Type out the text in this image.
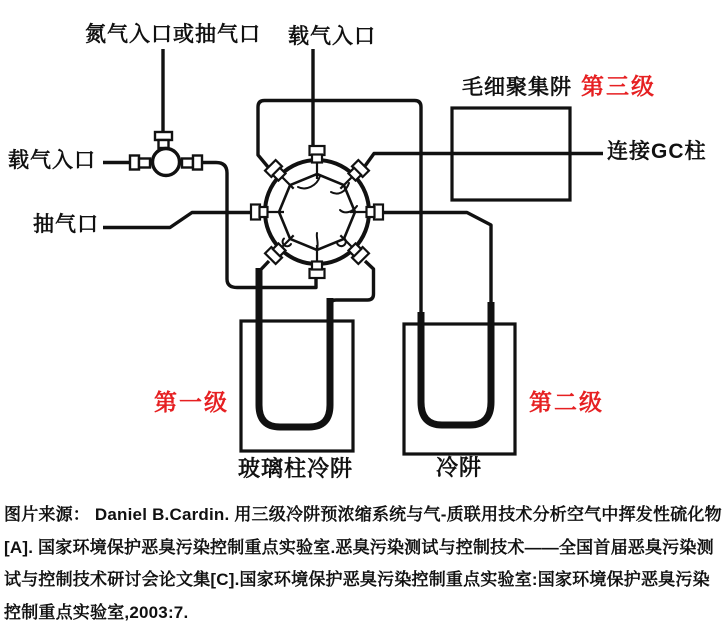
氮气入口或抽气口 载气入口
毛细聚集阱 第三级
连接GC柱
载气入口
抽气口
第一级	第二级
玻璃柱冷阱	冷阱
图片来源： Daniel B.Cardin. 用三级冷阱预浓缩系统与气-质联用技术分析空气中挥发性硫化物
[A]. 国家环境保护恶臭污染控制重点实验室.恶臭污染测试与控制技术——全国首届恶臭污染测
试与控制技术研讨会论文集[C].国家环境保护恶臭污染控制重点实验室:国家环境保护恶臭污染
控制重点实验室,2003:7.
